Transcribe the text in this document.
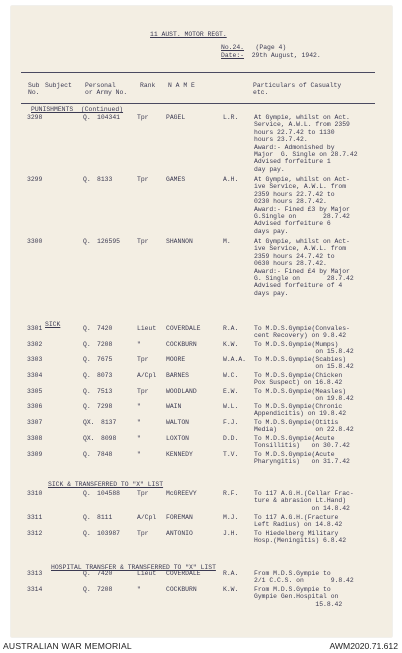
11 AUST. MOTOR REGT.
No.24. (Page 4)
Date:- 29th August, 1942.
Sub
No.
Subject Personal
or Army No.
Rank N A M E	Particulars of Casualty
etc.
PUNISHMENTS  (Continued)
3298	Q. 104341	Tpr	PAGEL	L.R. At Gympie, whilst on Act.
Service, A.W.L. from 2359
hours 22.7.42 to 1130
hours 23.7.42.
Award:- Admonished by
Major  G. Single on 28.7.42
Advised forfeiture 1
day pay.
3299	Q. 8133	Tpr	GAMES	A.H. At Gympie, whilst on Act-
ive Service, A.W.L. from
2359 hours 22.7.42 to
0230 hours 28.7.42.
Award:- Fined £3 by Major
G.Single on       28.7.42
Advised forfeiture 6
days pay.
3300	Q. 126595	Tpr	SHANNON	M.	At Gympie, whilst on Act-
ive Service, A.W.L. from
2359 hours 24.7.42 to
0630 hours 28.7.42.
Award:- Fined £4 by Major
G. Single on       28.7.42
Advised forfeiture of 4
days pay.
SICK
3301	Q. 7420	Lieut COVERDALE	R.A. To M.D.S.Gympie(Convales-
cent Recovery) on 9.8.42
3302	Q. 7208	"	COCKBURN	K.W. To M.D.S.Gympie(Mumps)
on 15.8.42
3303	Q. 7675	Tpr	MOORE	W.A.A. To M.D.S.Gympie(Scabies)
on 15.8.42
3304	Q. 8073	A/Cpl BARNES	W.C. To M.D.S.Gympie(Chicken
Pox Suspect) on 16.8.42
3305	Q. 7513	Tpr	WOODLAND	E.W. To M.D.S.Gympie(Measles)
on 19.8.42
3306	Q. 7298	"	WAIN	W.L. To M.D.S.Gympie(Chronic
Appendicitis) on 19.8.42
3307	QX. 8137	"	WALTON	F.J. To M.D.S.Gympie(Otitis
Media)          on 22.8.42
3308	QX. 8098	"	LOXTON	D.D. To M.D.S.Gympie(Acute
Tonsillitis)   on 30.7.42
3309	Q. 7848	"	KENNEDY	T.V. To M.D.S.Gympie(Acute
Pharyngitis)   on 31.7.42
SICK & TRANSFERRED TO "X" LIST
3310	Q. 104588	Tpr	McGREEVY	R.F. To 117 A.G.H.(Cellar Frac-
ture & abrasion Lt.Hand)
on 14.8.42
3311	Q. 8111	A/Cpl FOREMAN	M.J. To 117 A.G.H.(Fracture
Left Radius) on 14.8.42
3312	Q. 103987	Tpr	ANTONIO	J.H. To Hiedelberg Military
Hosp.(Meningitis) 6.8.42
HOSPITAL TRANSFER & TRANSFERRED TO "X" LIST
3313	Q. 7420	Lieut COVERDALE	R.A. From M.D.S.Gympie to
2/1 C.C.S. on       9.8.42
3314	Q. 7208	"	COCKBURN	K.W. From M.D.S.Gympie to
Gympie Gen.Hospital on
15.8.42
AUSTRALIAN WAR MEMORIAL	AWM2020.71.612
